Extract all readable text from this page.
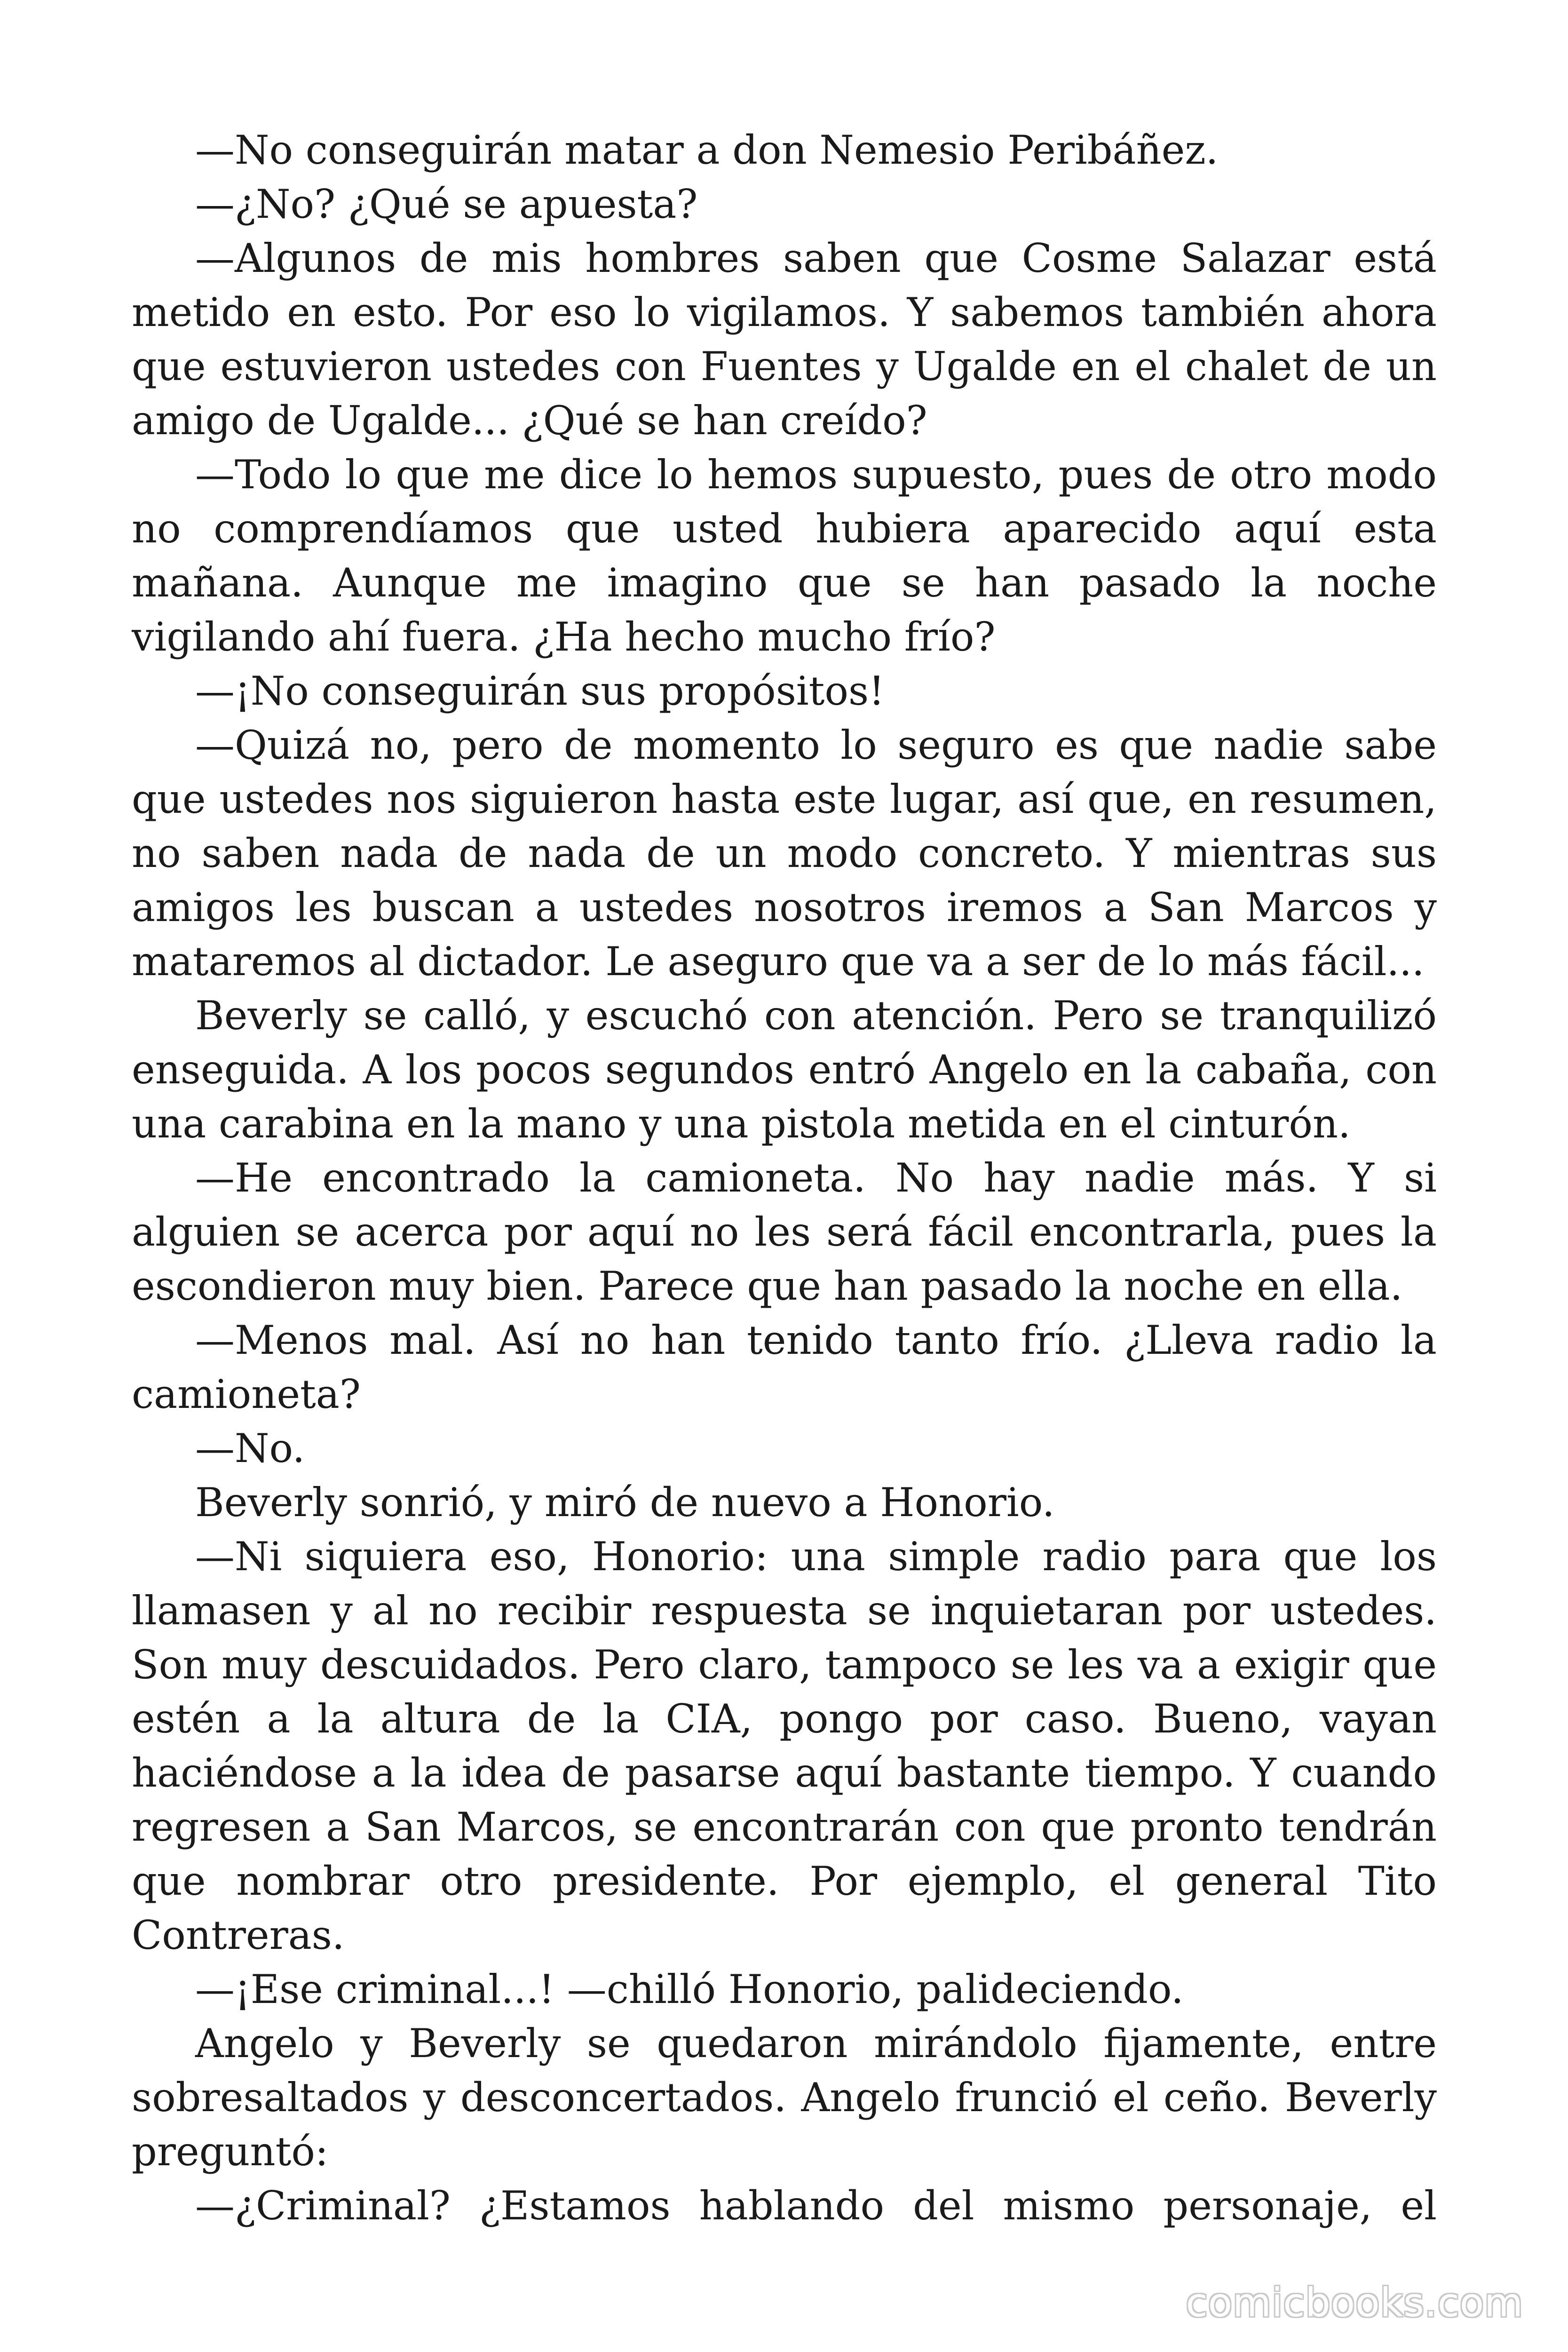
—No conseguirán matar a don Nemesio Peribáñez.

—¿No? ¿Qué se apuesta?

—Algunos de mis hombres saben que Cosme Salazar está metido en esto. Por eso lo vigilamos. Y sabemos también ahora que estuvieron ustedes con Fuentes y Ugalde en el chalet de un amigo de Ugalde... ¿Qué se han creído?

—Todo lo que me dice lo hemos supuesto, pues de otro modo no comprendíamos que usted hubiera aparecido aquí esta mañana. Aunque me imagino que se han pasado la noche vigilando ahí fuera. ¿Ha hecho mucho frío?

—¡No conseguirán sus propósitos!

—Quizá no, pero de momento lo seguro es que nadie sabe que ustedes nos siguieron hasta este lugar, así que, en resumen, no saben nada de nada de un modo concreto. Y mientras sus amigos les buscan a ustedes nosotros iremos a San Marcos y mataremos al dictador. Le aseguro que va a ser de lo más fácil...

Beverly se calló, y escuchó con atención. Pero se tranquilizó enseguida. A los pocos segundos entró Angelo en la cabaña, con una carabina en la mano y una pistola metida en el cinturón.

—He encontrado la camioneta. No hay nadie más. Y si alguien se acerca por aquí no les será fácil encontrarla, pues la escondieron muy bien. Parece que han pasado la noche en ella.

—Menos mal. Así no han tenido tanto frío. ¿Lleva radio la camioneta?

—No.

Beverly sonrió, y miró de nuevo a Honorio.

—Ni siquiera eso, Honorio: una simple radio para que los llamasen y al no recibir respuesta se inquietaran por ustedes. Son muy descuidados. Pero claro, tampoco se les va a exigir que estén a la altura de la CIA, pongo por caso. Bueno, vayan haciéndose a la idea de pasarse aquí bastante tiempo. Y cuando regresen a San Marcos, se encontrarán con que pronto tendrán que nombrar otro presidente. Por ejemplo, el general Tito Contreras.

—¡Ese criminal...! —chilló Honorio, palideciendo.

Angelo y Beverly se quedaron mirándolo fijamente, entre sobresaltados y desconcertados. Angelo frunció el ceño. Beverly preguntó:

—¿Criminal? ¿Estamos hablando del mismo personaje, el

comicbooks.com
